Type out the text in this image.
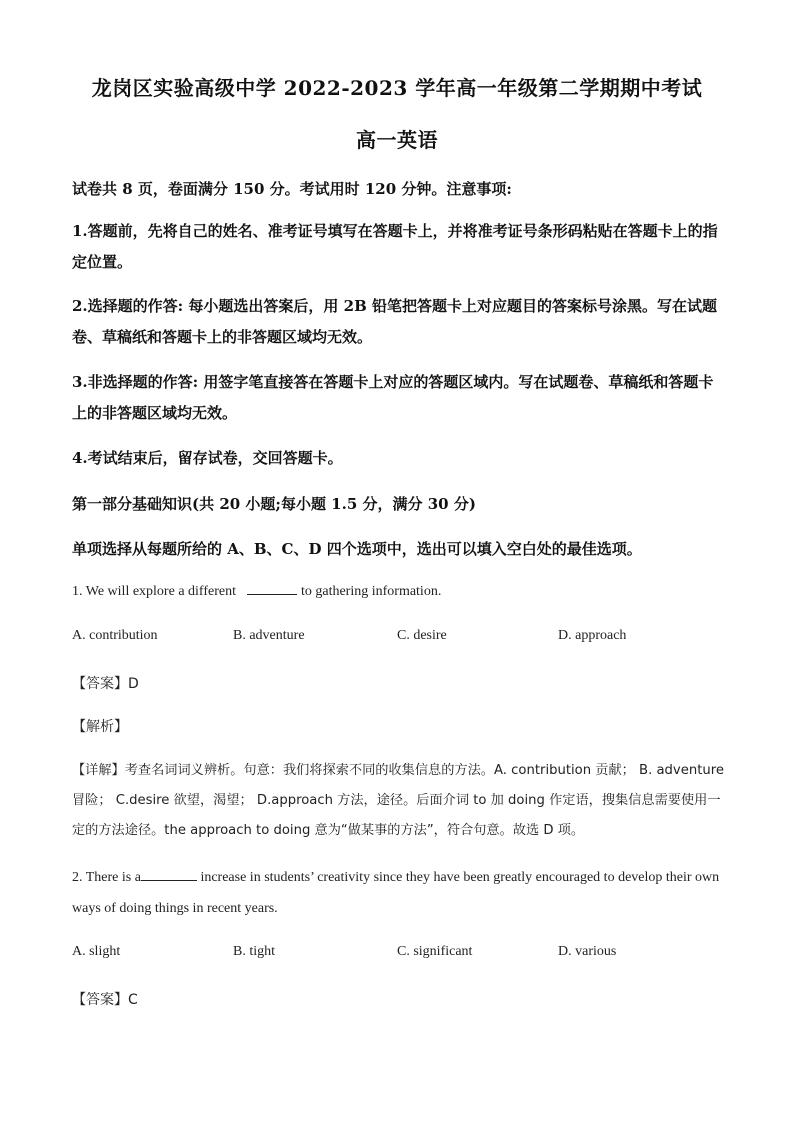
龙岗区实验高级中学 2022-2023 学年高一年级第二学期期中考试
高一英语
试卷共 8 页，卷面满分 150 分。考试用时 120 分钟。注意事项:
1.答题前，先将自己的姓名、准考证号填写在答题卡上，并将准考证号条形码粘贴在答题卡上的指定位置。
2.选择题的作答: 每小题选出答案后，用 2B 铅笔把答题卡上对应题目的答案标号涂黑。写在试题卷、草稿纸和答题卡上的非答题区域均无效。
3.非选择题的作答: 用签字笔直接答在答题卡上对应的答题区域内。写在试题卷、草稿纸和答题卡上的非答题区域均无效。
4.考试结束后，留存试卷，交回答题卡。
第一部分基础知识(共 20 小题;每小题 1.5 分，满分 30 分)
单项选择从每题所给的 A、B、C、D 四个选项中，选出可以填入空白处的最佳选项。
1. We will explore a different	to gathering information.
A. contribution	B. adventure	C. desire	D. approach
【答案】D
【解析】
【详解】考查名词词义辨析。句意：我们将探索不同的收集信息的方法。A. contribution 贡献； B. adventure 冒险； C.desire 欲望，渴望； D.approach 方法，途径。后面介词 to 加 doing 作定语，搜集信息需要使用一定的方法途径。the approach to doing 意为“做某事的方法”，符合句意。故选 D 项。
2. There is a	increase in students’ creativity since they have been greatly encouraged to develop their own ways of doing things in recent years.
A. slight	B. tight	C. significant	D. various
【答案】C
